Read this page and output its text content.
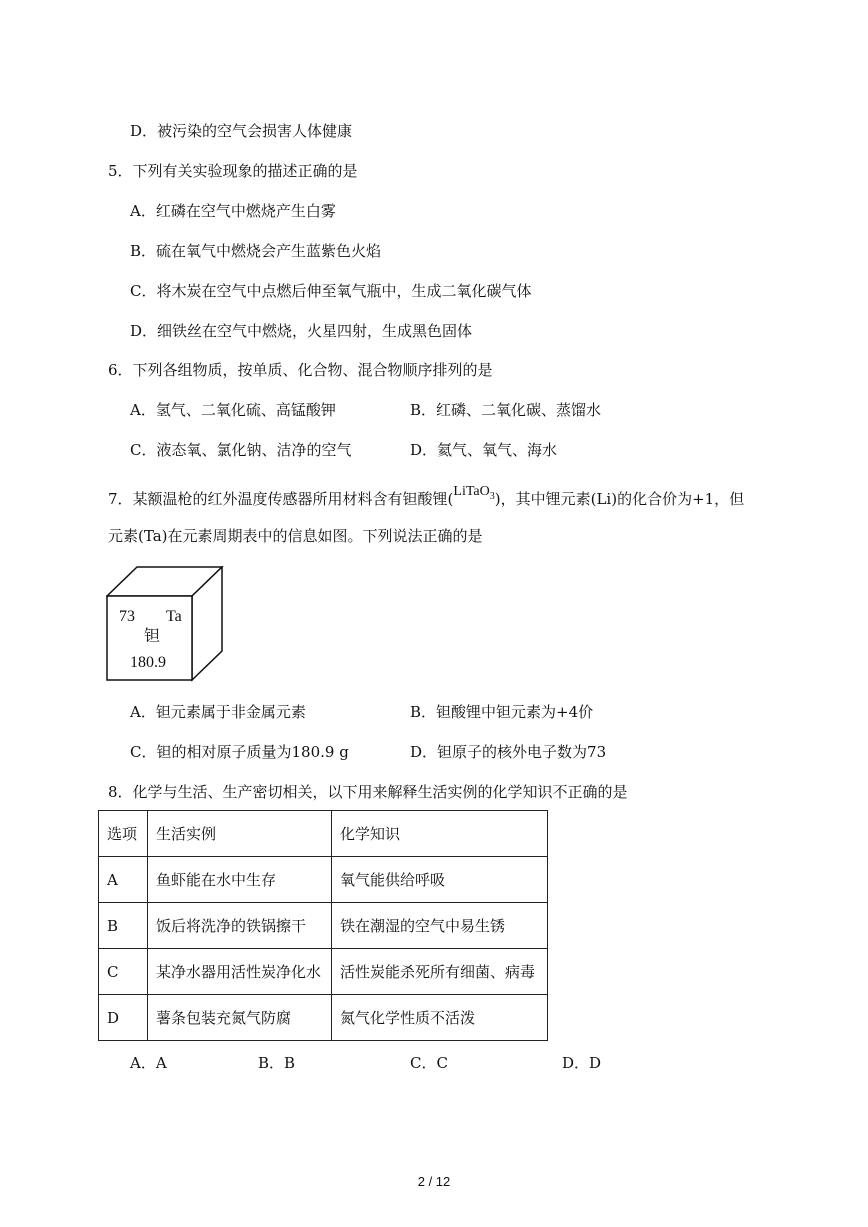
D．被污染的空气会损害人体健康
5．下列有关实验现象的描述正确的是
A．红磷在空气中燃烧产生白雾
B．硫在氧气中燃烧会产生蓝紫色火焰
C．将木炭在空气中点燃后伸至氧气瓶中，生成二氧化碳气体
D．细铁丝在空气中燃烧，火星四射，生成黑色固体
6．下列各组物质，按单质、化合物、混合物顺序排列的是
A．氢气、二氧化硫、高锰酸钾	B．红磷、二氧化碳、蒸馏水
C．液态氧、氯化钠、洁净的空气	D．氦气、氧气、海水
7．某额温枪的红外温度传感器所用材料含有钽酸锂(LiTaO$_3$)，其中锂元素(Li)的化合价为+1，但
元素(Ta)在元素周期表中的信息如图。下列说法正确的是
73 Ta
钽
180.9
A．钽元素属于非金属元素	B．钽酸锂中钽元素为+4价
C．钽的相对原子质量为180.9 g	D．钽原子的核外电子数为73
8．化学与生活、生产密切相关，以下用来解释生活实例的化学知识不正确的是
选项	生活实例	化学知识
A	鱼虾能在水中生存	氧气能供给呼吸
B	饭后将洗净的铁锅擦干	铁在潮湿的空气中易生锈
C	某净水器用活性炭净化水	活性炭能杀死所有细菌、病毒
D	薯条包装充氮气防腐	氮气化学性质不活泼
A．A	B．B	C．C	D．D
2 / 12
